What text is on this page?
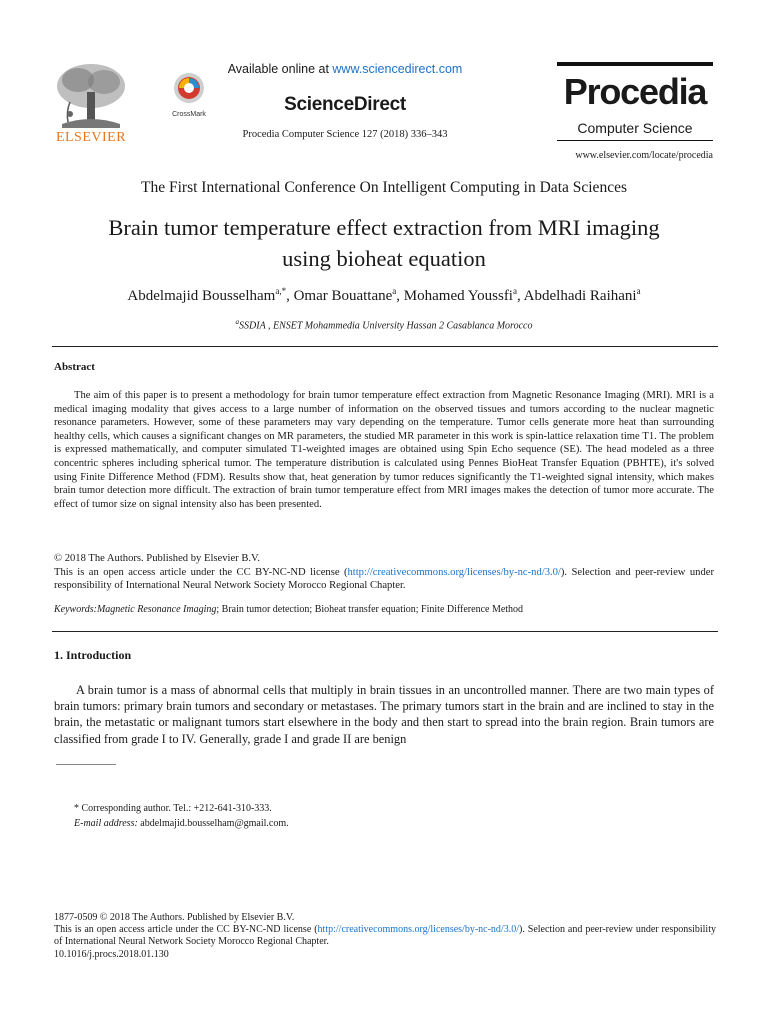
ELSEVIER
CrossMark
Available online at www.sciencedirect.com
ScienceDirect
Procedia Computer Science 127 (2018) 336–343
Procedia
Computer Science
www.elsevier.com/locate/procedia
The First International Conference On Intelligent Computing in Data Sciences
Brain tumor temperature effect extraction from MRI imaging
using bioheat equation
Abdelmajid Bousselham$^{a,*}$, Omar Bouattane$^a$, Mohamed Youssfi$^a$, Abdelhadi Raihani$^a$
$^a$SSDIA , ENSET Mohammedia University Hassan 2 Casablanca Morocco
Abstract
The aim of this paper is to present a methodology for brain tumor temperature effect extraction from Magnetic Resonance Imaging (MRI). MRI is a medical imaging modality that gives access to a large number of information on the observed tissues and tumors according to the nuclear magnetic resonance parameters. However, some of these parameters may vary depending on the temperature. Tumor cells generate more heat than surrounding healthy cells, which causes a significant changes on MR parameters, the studied MR parameter in this work is spin-lattice relaxation time T1. The problem is expressed mathematically, and computer simulated T1-weighted images are obtained using Spin Echo sequence (SE). The head modeled as a three concentric spheres including spherical tumor. The temperature distribution is calculated using Pennes BioHeat Transfer Equation (PBHTE), it's solved using Finite Difference Method (FDM). Results show that, heat generation by tumor reduces significantly the T1-weighted signal intensity, which makes brain tumor detection more difficult. The extraction of brain tumor temperature effect from MRI images makes the detection of tumor more accurate. The effect of tumor size on signal intensity also has been presented.
© 2018 The Authors. Published by Elsevier B.V.
This is an open access article under the CC BY-NC-ND license (http://creativecommons.org/licenses/by-nc-nd/3.0/). Selection and peer-review under responsibility of International Neural Network Society Morocco Regional Chapter.
Keywords:Magnetic Resonance Imaging; Brain tumor detection; Bioheat transfer equation; Finite Difference Method
1. Introduction
A brain tumor is a mass of abnormal cells that multiply in brain tissues in an uncontrolled manner. There are two main types of brain tumors: primary brain tumors and secondary or metastases. The primary tumors start in the brain and are inclined to stay in the brain, the metastatic or malignant tumors start elsewhere in the body and then start to spread into the brain region. Brain tumors are classified from grade I to IV. Generally, grade I and grade II are benign
* Corresponding author. Tel.: +212-641-310-333.
E-mail address: abdelmajid.bousselham@gmail.com.
1877-0509 © 2018 The Authors. Published by Elsevier B.V.
This is an open access article under the CC BY-NC-ND license (http://creativecommons.org/licenses/by-nc-nd/3.0/). Selection and peer-review under responsibility of International Neural Network Society Morocco Regional Chapter.
10.1016/j.procs.2018.01.130
